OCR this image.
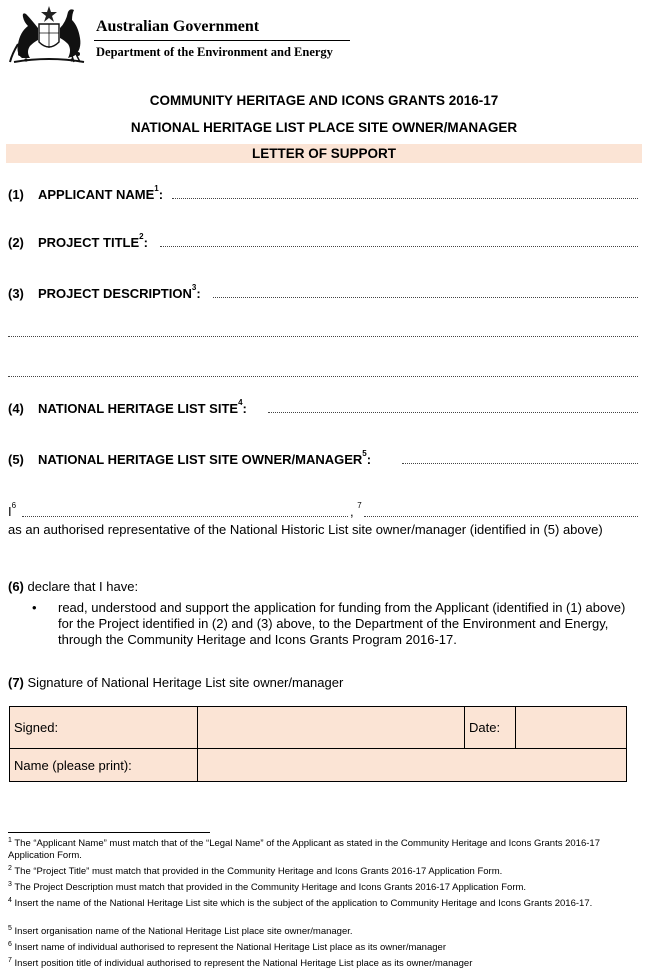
Australian Government
Department of the Environment and Energy
COMMUNITY HERITAGE AND ICONS GRANTS 2016-17
NATIONAL HERITAGE LIST PLACE SITE OWNER/MANAGER
LETTER OF SUPPORT
(1) APPLICANT NAME$^1$:
(2) PROJECT TITLE$^2$:
(3) PROJECT DESCRIPTION$^3$:
(4) NATIONAL HERITAGE LIST SITE$^4$:
(5) NATIONAL HERITAGE LIST SITE OWNER/MANAGER$^5$:
$I^6$	, $^7$
as an authorised representative of the National Historic List site owner/manager (identified in (5) above)
(6) declare that I have:
• read, understood and support the application for funding from the Applicant (identified in (1) above) for the Project identified in (2) and (3) above, to the Department of the Environment and Energy, through the Community Heritage and Icons Grants Program 2016-17.
(7) Signature of National Heritage List site owner/manager
Signed:		Date:	
Name (please print):			
$^1$ The “Applicant Name” must match that of the “Legal Name” of the Applicant as stated in the Community Heritage and Icons Grants 2016-17 Application Form.
$^2$ The “Project Title” must match that provided in the Community Heritage and Icons Grants 2016-17 Application Form.
$^3$ The Project Description must match that provided in the Community Heritage and Icons Grants 2016-17 Application Form.
$^4$ Insert the name of the National Heritage List site which is the subject of the application to Community Heritage and Icons Grants 2016-17.
$^5$ Insert organisation name of the National Heritage List place site owner/manager.
$^6$ Insert name of individual authorised to represent the National Heritage List place as its owner/manager
$^7$ Insert position title of individual authorised to represent the National Heritage List place as its owner/manager
